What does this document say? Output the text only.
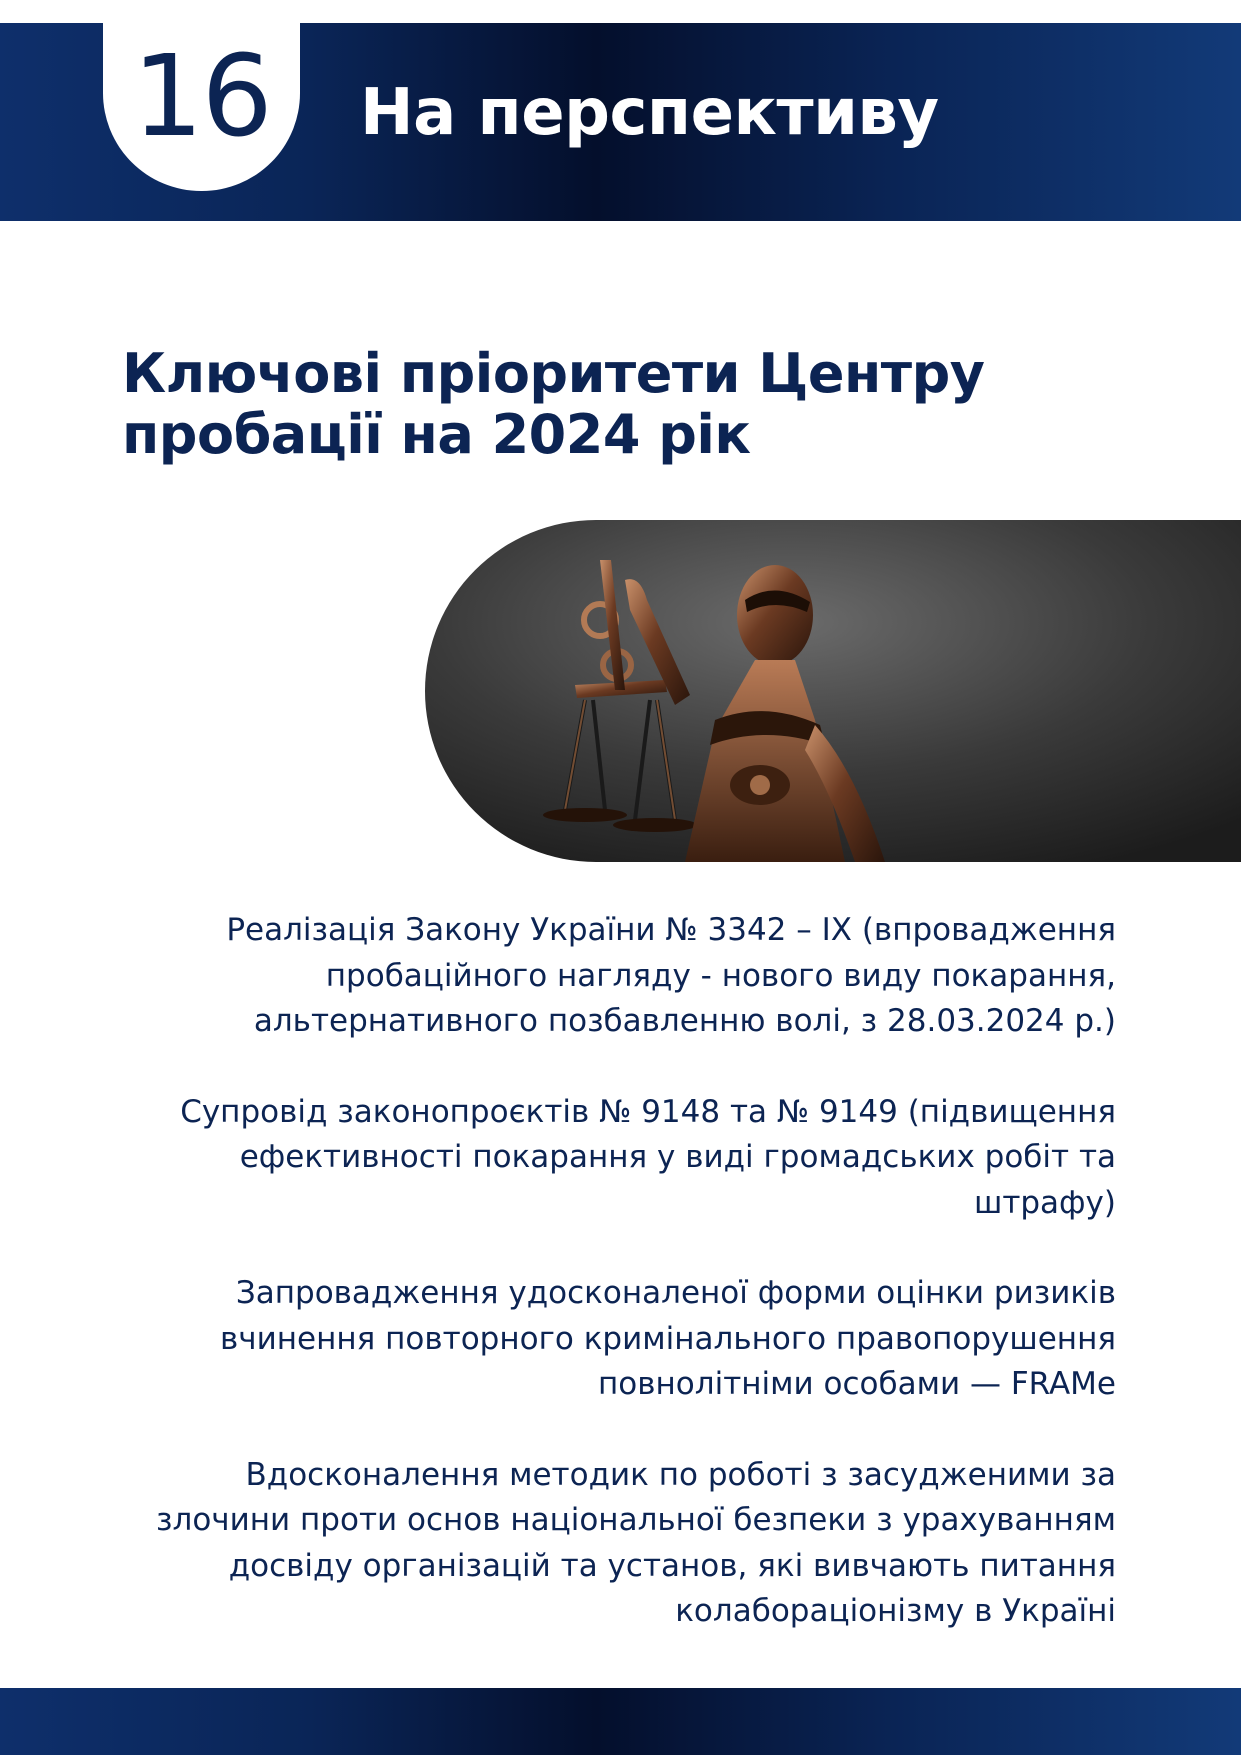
16 На перспективу
Ключові пріоритети Центру пробації на 2024 рік

Реалізація Закону України № 3342 – ІХ (впровадження пробаційного нагляду - нового виду покарання, альтернативного позбавленню волі, з 28.03.2024 р.)

Супровід законопроєктів № 9148 та № 9149 (підвищення ефективності покарання у виді громадських робіт та штрафу)

Запровадження удосконаленої форми оцінки ризиків вчинення повторного кримінального правопорушення повнолітніми особами — FRAMe

Вдосконалення методик по роботі з засудженими за злочини проти основ національної безпеки з урахуванням досвіду організацій та установ, які вивчають питання колабораціонізму в Україні
